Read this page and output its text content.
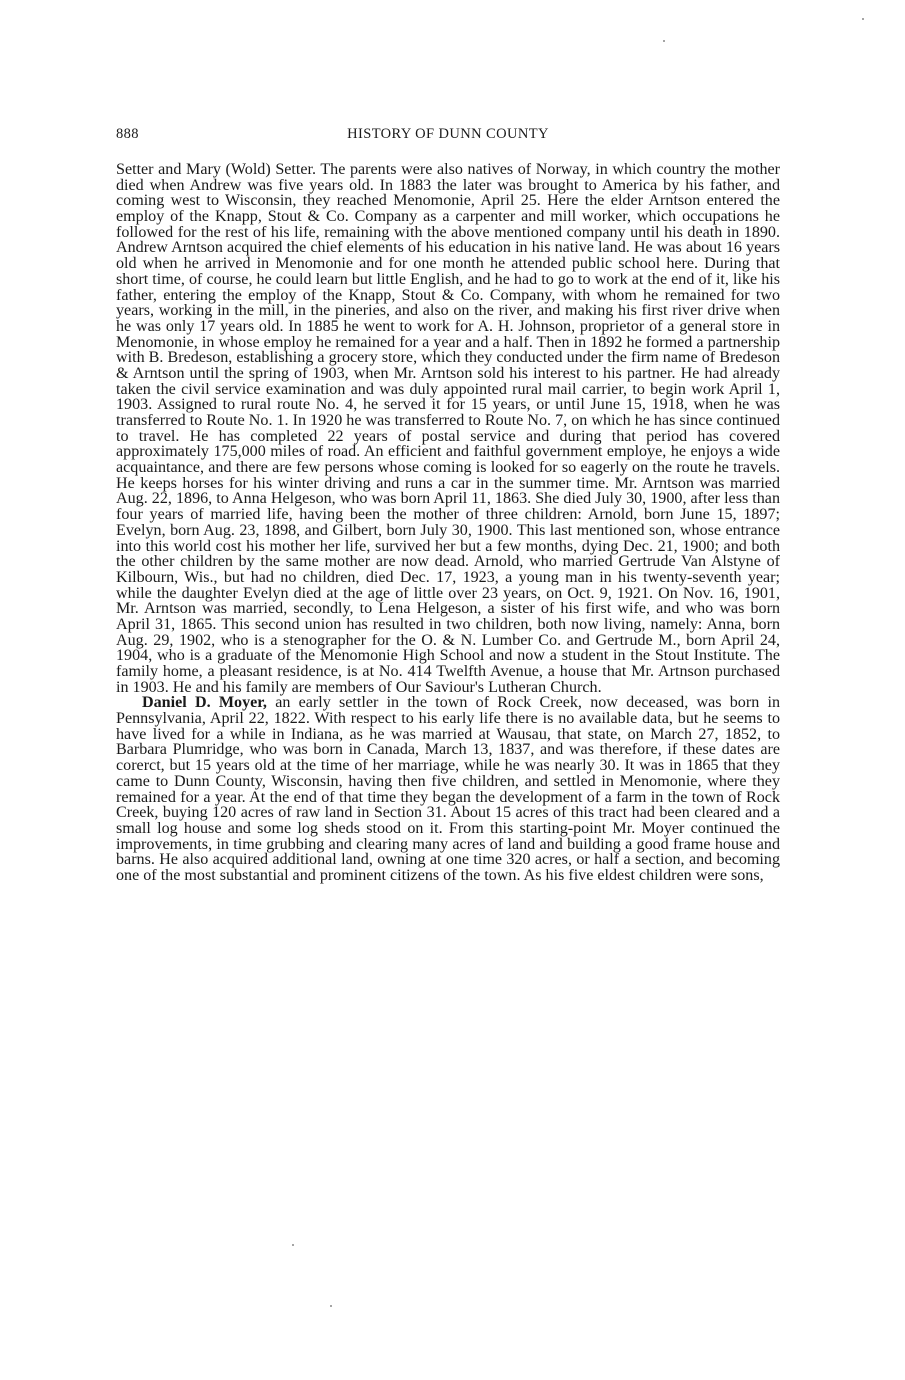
888	HISTORY OF DUNN COUNTY

Setter and Mary (Wold) Setter. The parents were also natives of Norway, in which country the mother died when Andrew was five years old. In 1883 the later was brought to America by his father, and coming west to Wisconsin, they reached Menomonie, April 25. Here the elder Arntson entered the employ of the Knapp, Stout & Co. Company as a carpenter and mill worker, which occupations he followed for the rest of his life, remaining with the above mentioned company until his death in 1890. Andrew Arntson acquired the chief elements of his education in his native land. He was about 16 years old when he arrived in Menomonie and for one month he attended public school here. During that short time, of course, he could learn but little English, and he had to go to work at the end of it, like his father, entering the employ of the Knapp, Stout & Co. Company, with whom he remained for two years, working in the mill, in the pineries, and also on the river, and making his first river drive when he was only 17 years old. In 1885 he went to work for A. H. Johnson, proprietor of a general store in Menomonie, in whose employ he remained for a year and a half. Then in 1892 he formed a partnership with B. Bredeson, establishing a grocery store, which they conducted under the firm name of Bredeson & Arntson until the spring of 1903, when Mr. Arntson sold his interest to his partner. He had already taken the civil service examination and was duly appointed rural mail carrier, to begin work April 1, 1903. Assigned to rural route No. 4, he served it for 15 years, or until June 15, 1918, when he was transferred to Route No. 1. In 1920 he was transferred to Route No. 7, on which he has since continued to travel. He has completed 22 years of postal service and during that period has covered approximately 175,000 miles of road. An efficient and faithful government employe, he enjoys a wide acquaintance, and there are few persons whose coming is looked for so eagerly on the route he travels. He keeps horses for his winter driving and runs a car in the summer time. Mr. Arntson was married Aug. 22, 1896, to Anna Helgeson, who was born April 11, 1863. She died July 30, 1900, after less than four years of married life, having been the mother of three children: Arnold, born June 15, 1897; Evelyn, born Aug. 23, 1898, and Gilbert, born July 30, 1900. This last mentioned son, whose entrance into this world cost his mother her life, survived her but a few months, dying Dec. 21, 1900; and both the other children by the same mother are now dead. Arnold, who married Gertrude Van Alstyne of Kilbourn, Wis., but had no children, died Dec. 17, 1923, a young man in his twenty-seventh year; while the daughter Evelyn died at the age of little over 23 years, on Oct. 9, 1921. On Nov. 16, 1901, Mr. Arntson was married, secondly, to Lena Helgeson, a sister of his first wife, and who was born April 31, 1865. This second union has resulted in two children, both now living, namely: Anna, born Aug. 29, 1902, who is a stenographer for the O. & N. Lumber Co. and Gertrude M., born April 24, 1904, who is a graduate of the Menomonie High School and now a student in the Stout Institute. The family home, a pleasant residence, is at No. 414 Twelfth Avenue, a house that Mr. Artnson purchased in 1903. He and his family are members of Our Saviour's Lutheran Church.

Daniel D. Moyer, an early settler in the town of Rock Creek, now deceased, was born in Pennsylvania, April 22, 1822. With respect to his early life there is no available data, but he seems to have lived for a while in Indiana, as he was married at Wausau, that state, on March 27, 1852, to Barbara Plumridge, who was born in Canada, March 13, 1837, and was therefore, if these dates are corerct, but 15 years old at the time of her marriage, while he was nearly 30. It was in 1865 that they came to Dunn County, Wisconsin, having then five children, and settled in Menomonie, where they remained for a year. At the end of that time they began the development of a farm in the town of Rock Creek, buying 120 acres of raw land in Section 31. About 15 acres of this tract had been cleared and a small log house and some log sheds stood on it. From this starting-point Mr. Moyer continued the improvements, in time grubbing and clearing many acres of land and building a good frame house and barns. He also acquired additional land, owning at one time 320 acres, or half a section, and becoming one of the most substantial and prominent citizens of the town. As his five eldest children were sons,
